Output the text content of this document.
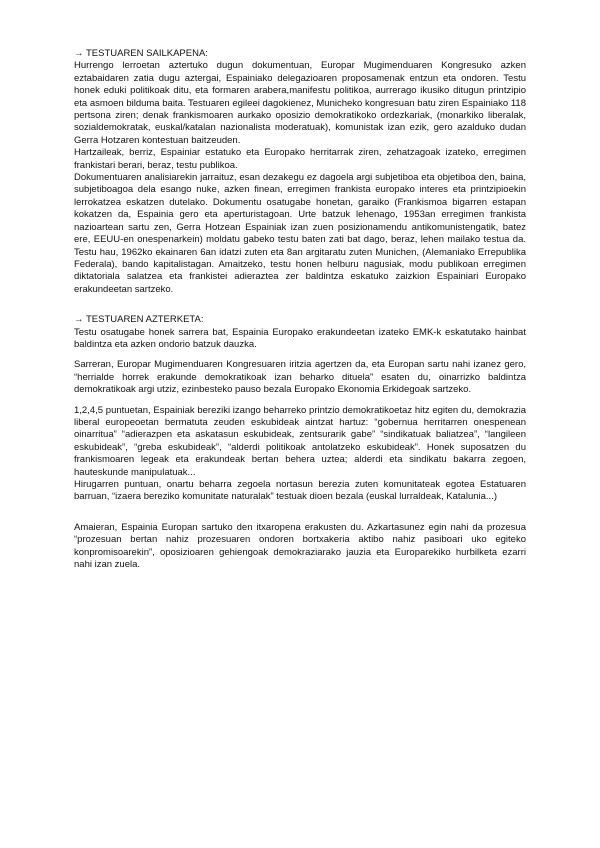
→ TESTUAREN SAILKAPENA:
Hurrengo lerroetan aztertuko dugun dokumentuan, Europar Mugimenduaren Kongresuko azken eztabaidaren zatia dugu aztergai, Espainiako delegazioaren proposamenak entzun eta ondoren. Testu honek eduki politikoak ditu, eta formaren arabera,manifestu politikoa, aurrerago ikusiko ditugun printzipio eta asmoen bilduma baita. Testuaren egileei dagokienez, Municheko kongresuan batu ziren Espainiako 118 pertsona ziren; denak frankismoaren aurkako oposizio demokratikoko ordezkariak, (monarkiko liberalak, sozialdemokratak, euskal/katalan nazionalista moderatuak), komunistak izan ezik, gero azalduko dudan Gerra Hotzaren kontestuan baitzeuden.
Hartzaileak, berriz, Espainiar estatuko eta Europako herritarrak ziren, zehatzagoak izateko, erregimen frankistari berari, beraz, testu publikoa.
Dokumentuaren analisiarekin jarraituz, esan dezakegu ez dagoela argi subjetiboa eta objetiboa den, baina, subjetiboagoa dela esango nuke, azken finean, erregimen frankista europako interes eta printzipioekin lerrokatzea eskatzen dutelako. Dokumentu osatugabe honetan, garaiko (Frankismoa bigarren estapan kokatzen da, Espainia gero eta aperturistagoan. Urte batzuk lehenago, 1953an erregimen frankista nazioartean sartu zen, Gerra Hotzean Espainiak izan zuen posizionamendu antikomunistengatik, batez ere, EEUU-en onespenarkein) moldatu gabeko testu baten zati bat dago, beraz, lehen mailako testua da. Testu hau, 1962ko ekainaren 6an idatzi zuten eta 8an argitaratu zuten Munichen, (Alemaniako Errepublika Federala), bando kapitalistagan. Amaitzeko, testu honen helburu nagusiak, modu publikoan erregimen diktatoriala salatzea eta frankistei adieraztea zer baldintza eskatuko zaizkion Espainiari Europako erakundeetan sartzeko.
→ TESTUAREN AZTERKETA:
Testu osatugabe honek sarrera bat, Espainia Europako erakundeetan izateko EMK-k eskatutako hainbat baldintza eta azken ondorio batzuk dauzka.
Sarreran, Europar Mugimenduaren Kongresuaren iritzia agertzen da, eta Europan sartu nahi izanez gero, “herrialde horrek erakunde demokratikoak izan beharko dituela” esaten du, oinarrizko baldintza demokratikoak argi utziz, ezinbesteko pauso bezala Europako Ekonomia Erkidegoak sartzeko.
1,2,4,5 puntuetan, Espainiak bereziki izango beharreko printzio demokratikoetaz hitz egiten du, demokrazia liberal europeoetan bermatuta zeuden eskubideak aintzat hartuz: “gobernua herritarren onespenean oinarritua” “adierazpen eta askatasun eskubideak, zentsurarik gabe” “sindikatuak baliatzea”, “langileen eskubideak”, “greba eskubideak”, “alderdi politikoak antolatzeko eskubideak”. Honek suposatzen du frankismoaren legeak eta erakundeak bertan behera uztea; alderdi eta sindikatu bakarra zegoen, hauteskunde manipulatuak...
Hirugarren puntuan, onartu beharra zegoela nortasun berezia zuten komunitateak egotea Estatuaren barruan, “izaera bereziko komunitate naturalak” testuak dioen bezala (euskal lurraldeak, Katalunia...)
Amaieran, Espainia Europan sartuko den itxaropena erakusten du. Azkartasunez egin nahi da prozesua “prozesuan bertan nahiz prozesuaren ondoren bortxakeria aktibo nahiz pasiboari uko egiteko konpromisoarekin”, oposizioaren gehiengoak demokraziarako jauzia eta Europarekiko hurbilketa ezarri nahi izan zuela.
